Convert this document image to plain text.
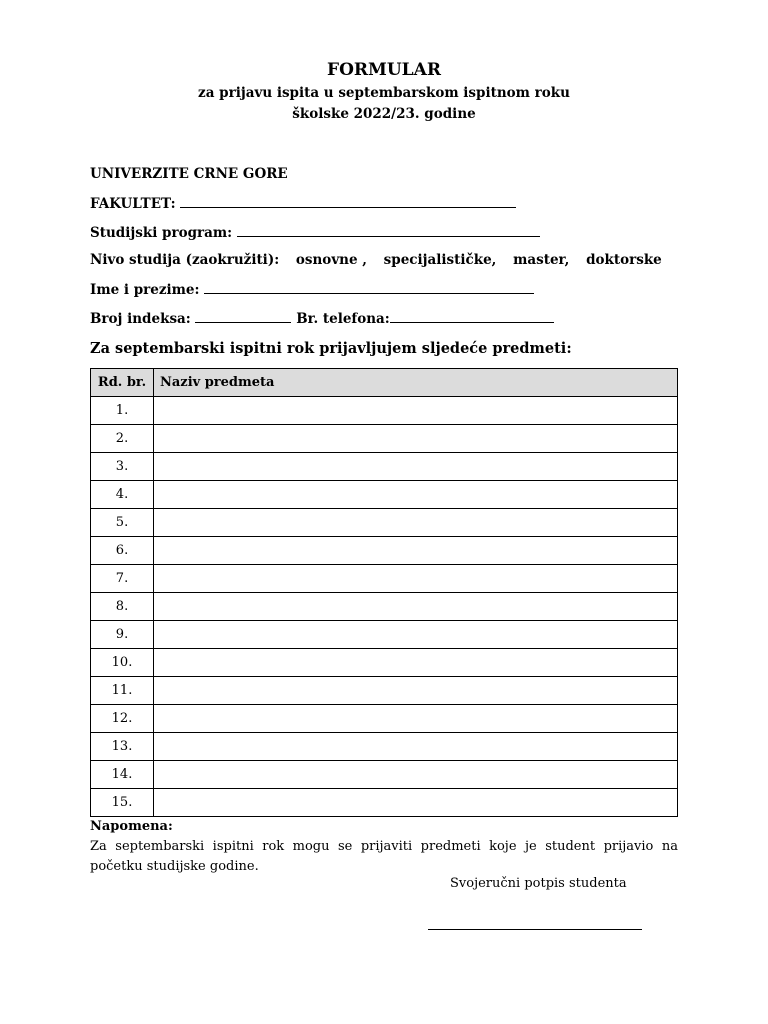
FORMULAR
za prijavu ispita u septembarskom ispitnom roku
školske 2022/23. godine
UNIVERZITE CRNE GORE
FAKULTET:
Studijski program:
Nivo studija (zaokružiti): osnovne , specijalističke, master, doktorske
Ime i prezime:
Broj indeksa:	Br. telefona:
Za septembarski ispitni rok prijavljujem sljedeće predmeti:
Rd. br.	Naziv predmeta
1.	
2.	
3.	
4.	
5.	
6.	
7.	
8.	
9.	
10.	
11.	
12.	
13.	
14.	
15.	
Napomena:
Za septembarski ispitni rok mogu se prijaviti predmeti koje je student prijavio na početku studijske godine.
Svojeručni potpis studenta
